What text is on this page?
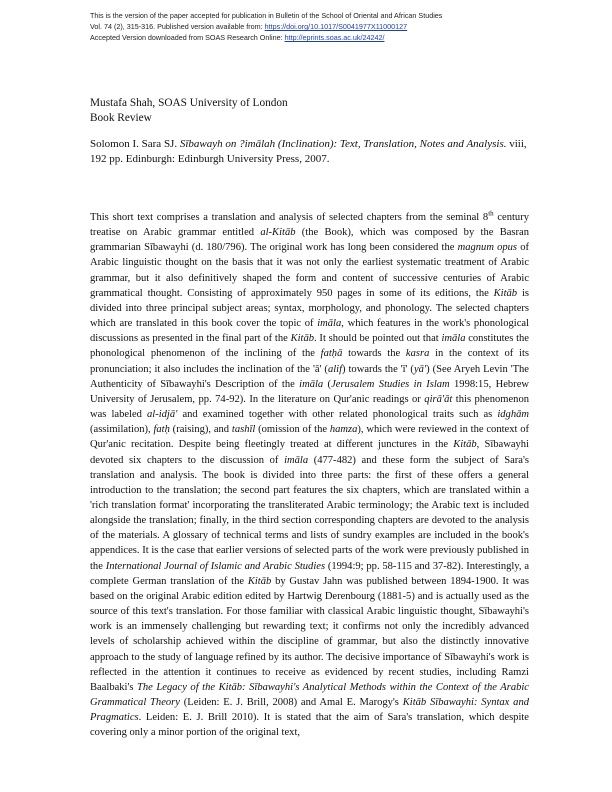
This is the version of the paper accepted for publication in Bulletin of the School of Oriental and African Studies
Vol. 74 (2), 315-316. Published version available from: https://doi.org/10.1017/S0041977X11000127
Accepted Version downloaded from SOAS Research Online: http://eprints.soas.ac.uk/24242/
Mustafa Shah, SOAS University of London
Book Review
Solomon I. Sara SJ. Sībawayh on ?imālah (Inclination): Text, Translation, Notes and Analysis. viii, 192 pp. Edinburgh: Edinburgh University Press, 2007.
This short text comprises a translation and analysis of selected chapters from the seminal 8th century treatise on Arabic grammar entitled al-Kitāb (the Book), which was composed by the Basran grammarian Sībawayhi (d. 180/796). The original work has long been considered the magnum opus of Arabic linguistic thought on the basis that it was not only the earliest systematic treatment of Arabic grammar, but it also definitively shaped the form and content of successive centuries of Arabic grammatical thought. Consisting of approximately 950 pages in some of its editions, the Kitāb is divided into three principal subject areas; syntax, morphology, and phonology. The selected chapters which are translated in this book cover the topic of imāla, which features in the work's phonological discussions as presented in the final part of the Kitāb. It should be pointed out that imāla constitutes the phonological phenomenon of the inclining of the fatḥā towards the kasra in the context of its pronunciation; it also includes the inclination of the 'ā' (alif) towards the 'ī' (yā') (See Aryeh Levin 'The Authenticity of Sībawayhi's Description of the imāla (Jerusalem Studies in Islam 1998:15, Hebrew University of Jerusalem, pp. 74-92). In the literature on Qur'anic readings or qirā'āt this phenomenon was labeled al-idjā' and examined together with other related phonological traits such as idghām (assimilation), fatḥ (raising), and tashīl (omission of the hamza), which were reviewed in the context of Qur'anic recitation. Despite being fleetingly treated at different junctures in the Kitāb, Sībawayhi devoted six chapters to the discussion of imāla (477-482) and these form the subject of Sara's translation and analysis. The book is divided into three parts: the first of these offers a general introduction to the translation; the second part features the six chapters, which are translated within a 'rich translation format' incorporating the transliterated Arabic terminology; the Arabic text is included alongside the translation; finally, in the third section corresponding chapters are devoted to the analysis of the materials. A glossary of technical terms and lists of sundry examples are included in the book's appendices. It is the case that earlier versions of selected parts of the work were previously published in the International Journal of Islamic and Arabic Studies (1994:9; pp. 58-115 and 37-82). Interestingly, a complete German translation of the Kitāb by Gustav Jahn was published between 1894-1900. It was based on the original Arabic edition edited by Hartwig Derenbourg (1881-5) and is actually used as the source of this text's translation. For those familiar with classical Arabic linguistic thought, Sībawayhi's work is an immensely challenging but rewarding text; it confirms not only the incredibly advanced levels of scholarship achieved within the discipline of grammar, but also the distinctly innovative approach to the study of language refined by its author. The decisive importance of Sībawayhi's work is reflected in the attention it continues to receive as evidenced by recent studies, including Ramzi Baalbaki's The Legacy of the Kitāb: Sībawayhi's Analytical Methods within the Context of the Arabic Grammatical Theory (Leiden: E. J. Brill, 2008) and Amal E. Marogy's Kitāb Sībawayhi: Syntax and Pragmatics. Leiden: E. J. Brill 2010). It is stated that the aim of Sara's translation, which despite covering only a minor portion of the original text,
